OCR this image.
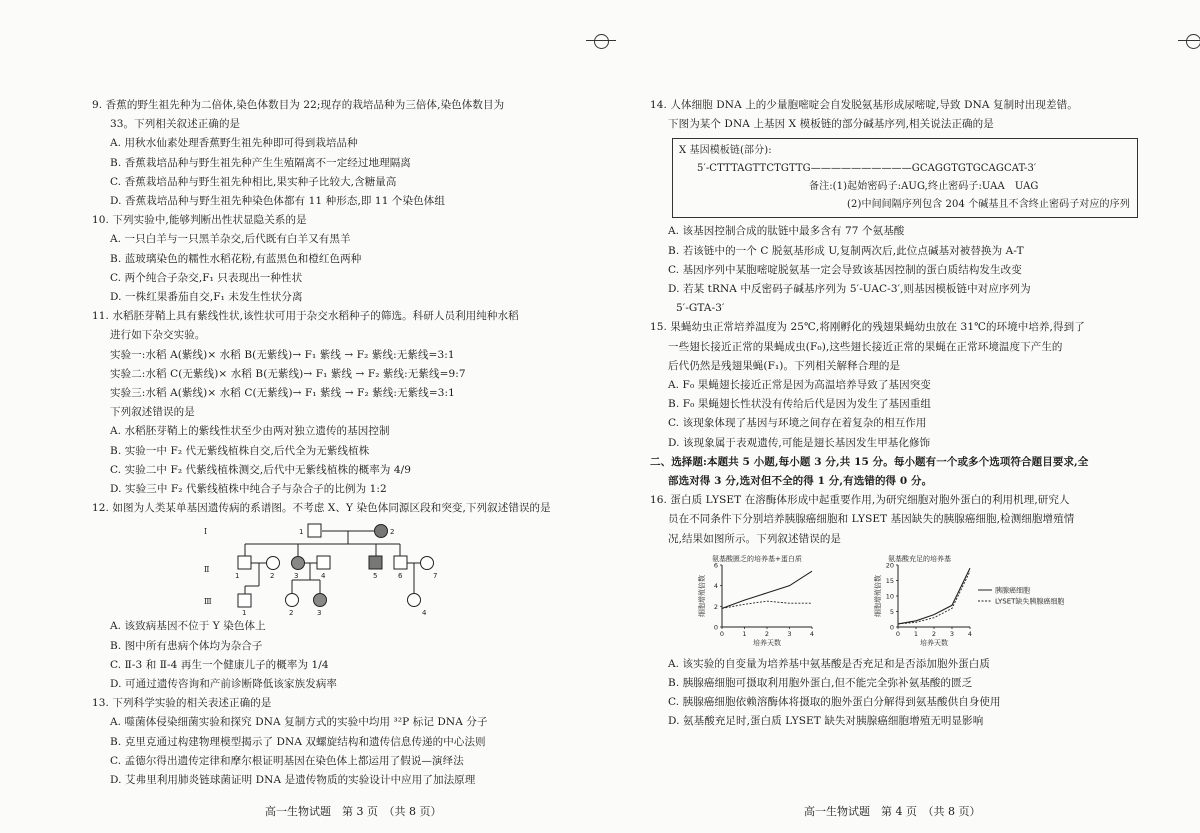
9. 香蕉的野生祖先种为二倍体,染色体数目为 22;现存的栽培品种为三倍体,染色体数目为
33。下列相关叙述正确的是
A. 用秋水仙素处理香蕉野生祖先种即可得到栽培品种
B. 香蕉栽培品种与野生祖先种产生生殖隔离不一定经过地理隔离
C. 香蕉栽培品种与野生祖先种相比,果实种子比较大,含糖量高
D. 香蕉栽培品种与野生祖先种染色体都有 11 种形态,即 11 个染色体组
10. 下列实验中,能够判断出性状显隐关系的是
A. 一只白羊与一只黑羊杂交,后代既有白羊又有黑羊
B. 蓝玻璃染色的糯性水稻花粉,有蓝黑色和橙红色两种
C. 两个纯合子杂交,F₁ 只表现出一种性状
D. 一株红果番茄自交,F₁ 未发生性状分离
11. 水稻胚芽鞘上具有紫线性状,该性状可用于杂交水稻种子的筛选。科研人员利用纯种水稻
进行如下杂交实验。
实验一:水稻 A(紫线)× 水稻 B(无紫线)→ F₁ 紫线 → F₂ 紫线:无紫线=3:1
实验二:水稻 C(无紫线)× 水稻 B(无紫线)→ F₁ 紫线 → F₂ 紫线:无紫线=9:7
实验三:水稻 A(紫线)× 水稻 C(无紫线)→ F₁ 紫线 → F₂ 紫线:无紫线=3:1
下列叙述错误的是
A. 水稻胚芽鞘上的紫线性状至少由两对独立遗传的基因控制
B. 实验一中 F₂ 代无紫线植株自交,后代全为无紫线植株
C. 实验二中 F₂ 代紫线植株测交,后代中无紫线植株的概率为 4/9
D. 实验三中 F₂ 代紫线植株中纯合子与杂合子的比例为 1:2
12. 如图为人类某单基因遗传病的系谱图。不考虑 X、Y 染色体同源区段和突变,下列叙述错误的是
Ⅰ
Ⅱ
Ⅲ
1	2
1	2	3	4	5	6	7
1	2	3	4
A. 该致病基因不位于 Y 染色体上
B. 图中所有患病个体均为杂合子
C. Ⅱ-3 和 Ⅱ-4 再生一个健康儿子的概率为 1/4
D. 可通过遗传咨询和产前诊断降低该家族发病率
13. 下列科学实验的相关表述正确的是
A. 噬菌体侵染细菌实验和探究 DNA 复制方式的实验中均用 ³²P 标记 DNA 分子
B. 克里克通过构建物理模型揭示了 DNA 双螺旋结构和遗传信息传递的中心法则
C. 孟德尔得出遗传定律和摩尔根证明基因在染色体上都运用了假说—演绎法
D. 艾弗里利用肺炎链球菌证明 DNA 是遗传物质的实验设计中应用了加法原理
高一生物试题　第 3 页　（共 8 页）
14. 人体细胞 DNA 上的少量胞嘧啶会自发脱氨基形成尿嘧啶,导致 DNA 复制时出现差错。
下图为某个 DNA 上基因 X 模板链的部分碱基序列,相关说法正确的是
X 基因模板链(部分):
5′-CTTTAGTTCTGTTG——————————GCAGGTGTGCAGCAT-3′
备注:(1)起始密码子:AUG,终止密码子:UAA　UAG
(2)中间间隔序列包含 204 个碱基且不含终止密码子对应的序列
A. 该基因控制合成的肽链中最多含有 77 个氨基酸
B. 若该链中的一个 C 脱氨基形成 U,复制两次后,此位点碱基对被替换为 A-T
C. 基因序列中某胞嘧啶脱氨基一定会导致该基因控制的蛋白质结构发生改变
D. 若某 tRNA 中反密码子碱基序列为 5′-UAC-3′,则基因模板链中对应序列为
5′-GTA-3′
15. 果蝇幼虫正常培养温度为 25℃,将刚孵化的残翅果蝇幼虫放在 31℃的环境中培养,得到了
一些翅长接近正常的果蝇成虫(F₀),这些翅长接近正常的果蝇在正常环境温度下产生的
后代仍然是残翅果蝇(F₁)。下列相关解释合理的是
A. F₀ 果蝇翅长接近正常是因为高温培养导致了基因突变
B. F₀ 果蝇翅长性状没有传给后代是因为发生了基因重组
C. 该现象体现了基因与环境之间存在着复杂的相互作用
D. 该现象属于表观遗传,可能是翅长基因发生甲基化修饰
二、选择题:本题共 5 小题,每小题 3 分,共 15 分。每小题有一个或多个选项符合题目要求,全
部选对得 3 分,选对但不全的得 1 分,有选错的得 0 分。
16. 蛋白质 LYSET 在溶酶体形成中起重要作用,为研究细胞对胞外蛋白的利用机理,研究人
员在不同条件下分别培养胰腺癌细胞和 LYSET 基因缺失的胰腺癌细胞,检测细胞增殖情
况,结果如图所示。下列叙述错误的是
氨基酸匮乏的培养基+蛋白质
0
2
4
6
0	1	2	3	4
培养天数
细胞增殖倍数
氨基酸充足的培养基
0
5
10
15
20
0 1 2 3 4
培养天数
细胞增殖倍数	胰腺癌细胞
LYSET缺失胰腺癌细胞
A. 该实验的自变量为培养基中氨基酸是否充足和是否添加胞外蛋白质
B. 胰腺癌细胞可摄取利用胞外蛋白,但不能完全弥补氨基酸的匮乏
C. 胰腺癌细胞依赖溶酶体将摄取的胞外蛋白分解得到氨基酸供自身使用
D. 氨基酸充足时,蛋白质 LYSET 缺失对胰腺癌细胞增殖无明显影响
高一生物试题　第 4 页　（共 8 页）
